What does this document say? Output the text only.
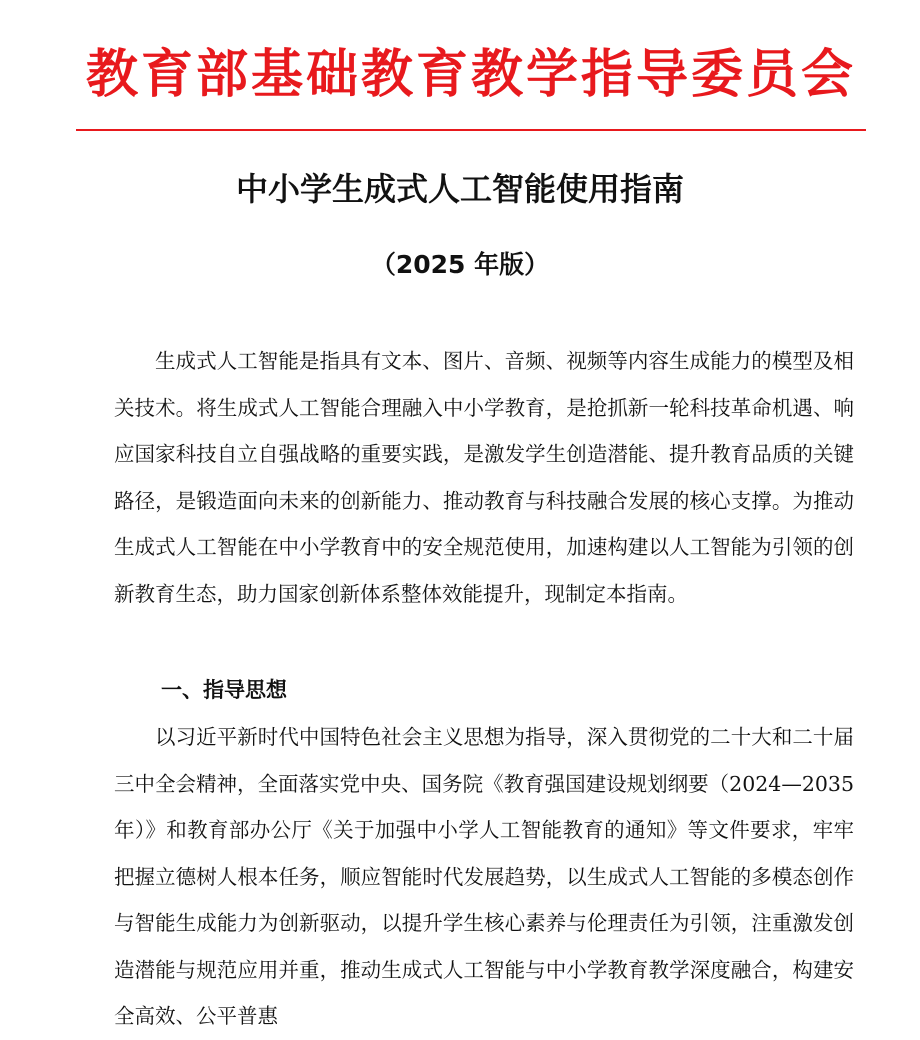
教育部基础教育教学指导委员会
中小学生成式人工智能使用指南
（2025 年版）
生成式人工智能是指具有文本、图片、音频、视频等内容生成能力的模型及相关技术。将生成式人工智能合理融入中小学教育，是抢抓新一轮科技革命机遇、响应国家科技自立自强战略的重要实践，是激发学生创造潜能、提升教育品质的关键路径，是锻造面向未来的创新能力、推动教育与科技融合发展的核心支撑。为推动生成式人工智能在中小学教育中的安全规范使用，加速构建以人工智能为引领的创新教育生态，助力国家创新体系整体效能提升，现制定本指南。
一、指导思想
以习近平新时代中国特色社会主义思想为指导，深入贯彻党的二十大和二十届三中全会精神，全面落实党中央、国务院《教育强国建设规划纲要（2024—2035 年）》和教育部办公厅《关于加强中小学人工智能教育的通知》等文件要求，牢牢把握立德树人根本任务，顺应智能时代发展趋势，以生成式人工智能的多模态创作与智能生成能力为创新驱动，以提升学生核心素养与伦理责任为引领，注重激发创造潜能与规范应用并重，推动生成式人工智能与中小学教育教学深度融合，构建安全高效、公平普惠
